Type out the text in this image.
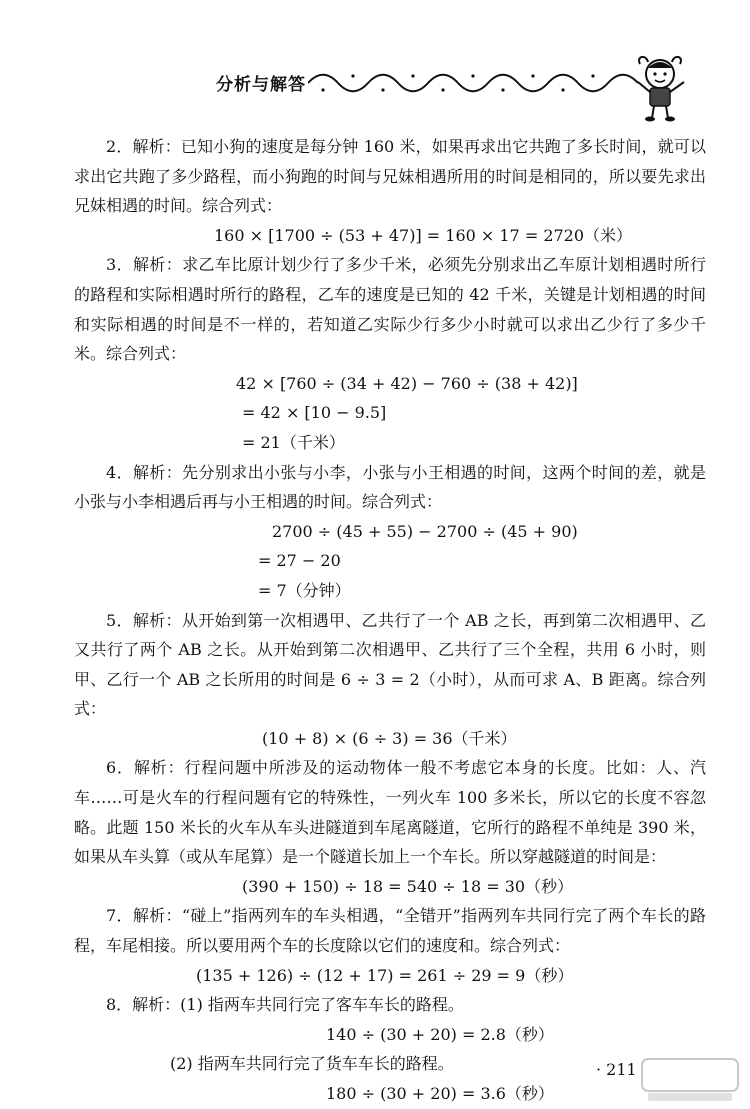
分析与解答

2．解析：已知小狗的速度是每分钟 160 米，如果再求出它共跑了多长时间，就可以求出它共跑了多少路程，而小狗跑的时间与兄妹相遇所用的时间是相同的，所以要先求出兄妹相遇的时间。综合列式：

160 × [1700 ÷ (53 + 47)] = 160 × 17 = 2720（米）

3．解析：求乙车比原计划少行了多少千米，必须先分别求出乙车原计划相遇时所行的路程和实际相遇时所行的路程，乙车的速度是已知的 42 千米，关键是计划相遇的时间和实际相遇的时间是不一样的，若知道乙实际少行多少小时就可以求出乙少行了多少千米。综合列式：

42 × [760 ÷ (34 + 42) − 760 ÷ (38 + 42)]

= 42 × [10 − 9.5]

= 21（千米）

4．解析：先分别求出小张与小李，小张与小王相遇的时间，这两个时间的差，就是小张与小李相遇后再与小王相遇的时间。综合列式：

2700 ÷ (45 + 55) − 2700 ÷ (45 + 90)

= 27 − 20

= 7（分钟）

5．解析：从开始到第一次相遇甲、乙共行了一个 AB 之长，再到第二次相遇甲、乙又共行了两个 AB 之长。从开始到第二次相遇甲、乙共行了三个全程，共用 6 小时，则甲、乙行一个 AB 之长所用的时间是 6 ÷ 3 = 2（小时），从而可求 A、B 距离。综合列式：

(10 + 8) × (6 ÷ 3) = 36（千米）

6．解析：行程问题中所涉及的运动物体一般不考虑它本身的长度。比如：人、汽车……可是火车的行程问题有它的特殊性，一列火车 100 多米长，所以它的长度不容忽略。此题 150 米长的火车从车头进隧道到车尾离隧道，它所行的路程不单纯是 390 米，如果从车头算（或从车尾算）是一个隧道长加上一个车长。所以穿越隧道的时间是：

(390 + 150) ÷ 18 = 540 ÷ 18 = 30（秒）

7．解析：“碰上”指两列车的车头相遇，“全错开”指两列车共同行完了两个车长的路程，车尾相接。所以要用两个车的长度除以它们的速度和。综合列式：

(135 + 126) ÷ (12 + 17) = 261 ÷ 29 = 9（秒）

8．解析：(1) 指两车共同行完了客车车长的路程。

140 ÷ (30 + 20) = 2.8（秒）

(2) 指两车共同行完了货车车长的路程。

180 ÷ (30 + 20) = 3.6（秒）

· 211
